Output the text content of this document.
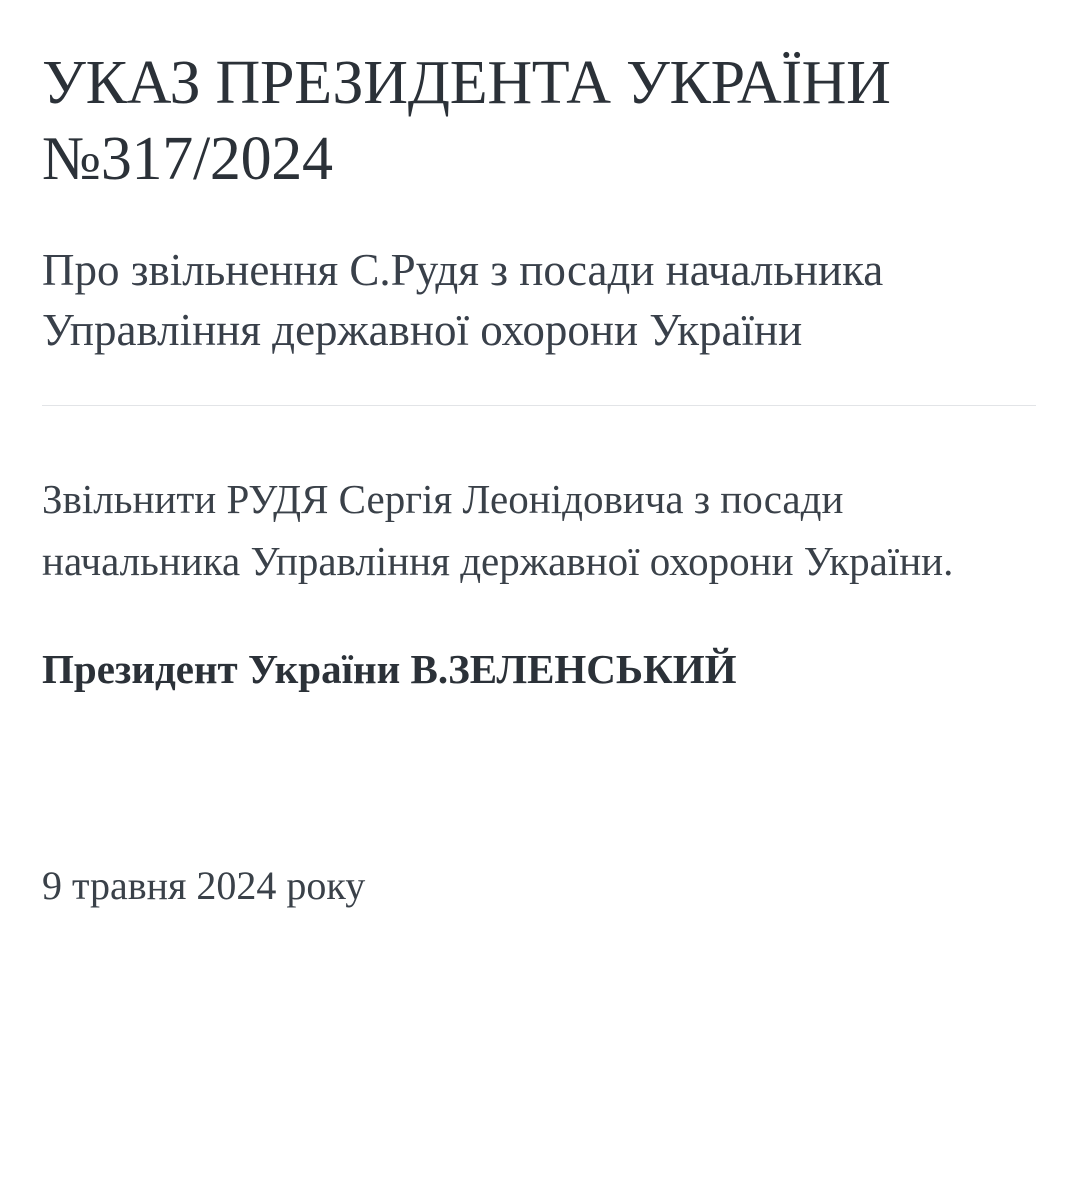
УКАЗ ПРЕЗИДЕНТА УКРАЇНИ №317/2024
Про звільнення С.Рудя з посади начальника Управління державної охорони України

Звільнити РУДЯ Сергія Леонідовича з посади начальника Управління державної охорони України.

Президент України В.ЗЕЛЕНСЬКИЙ

9 травня 2024 року
